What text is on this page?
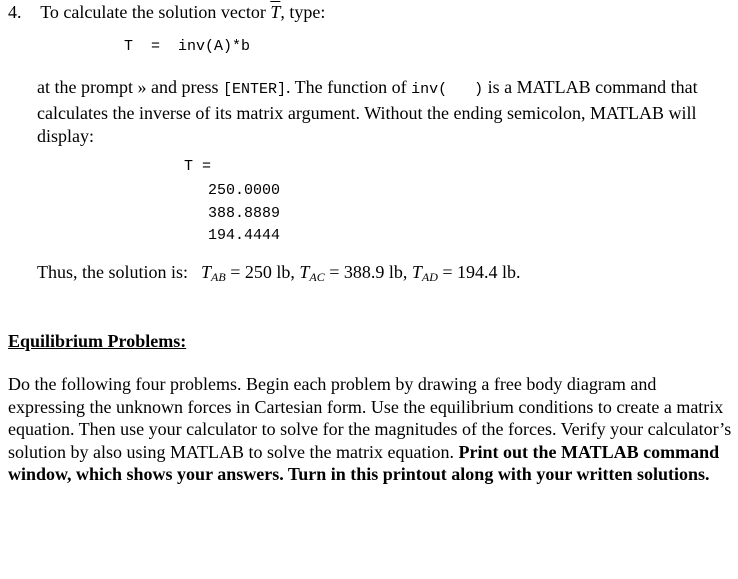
4. To calculate the solution vector $\overline{T}$, type:
T  =  inv(A)*b
at the prompt » and press [ENTER]. The function of inv(   ) is a MATLAB command that calculates the inverse of its matrix argument. Without the ending semicolon, MATLAB will display:
T =
250.0000
388.8889
194.4444
Thus, the solution is: $T_{AB} = 250$ lb, $T_{AC} = 388.9$ lb, $T_{AD} = 194.4$ lb.
Equilibrium Problems:
Do the following four problems. Begin each problem by drawing a free body diagram and expressing the unknown forces in Cartesian form. Use the equilibrium conditions to create a matrix equation. Then use your calculator to solve for the magnitudes of the forces. Verify your calculator’s solution by also using MATLAB to solve the matrix equation. Print out the MATLAB command window, which shows your answers. Turn in this printout along with your written solutions.
